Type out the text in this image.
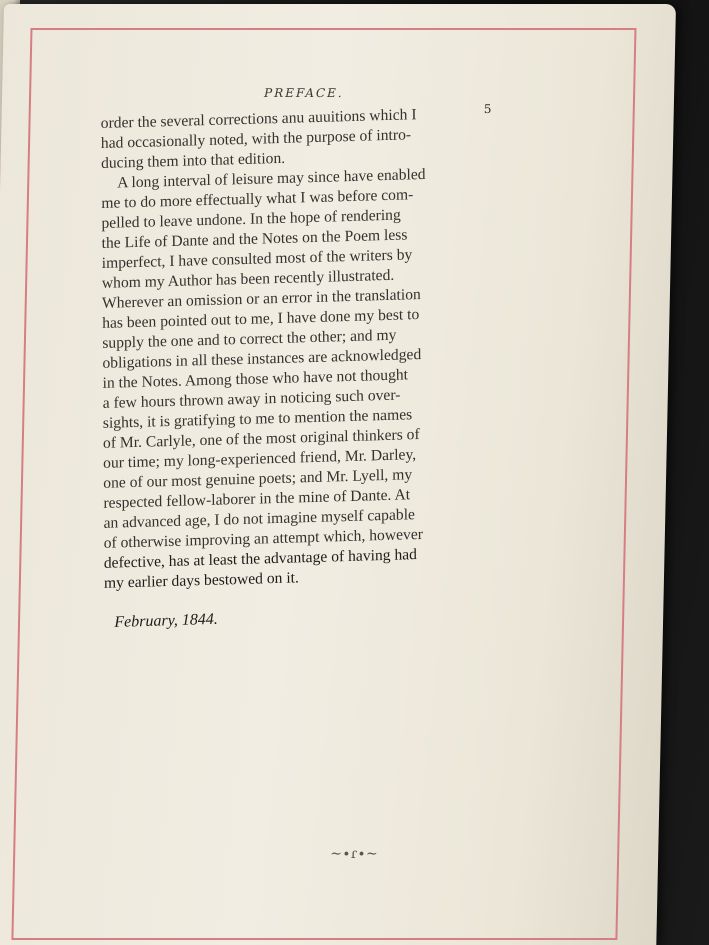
PREFACE.
5
order the several corrections anu auuitions which I
had occasionally noted, with the purpose of intro-
ducing them into that edition.
A long interval of leisure may since have enabled
me to do more effectually what I was before com-
pelled to leave undone. In the hope of rendering
the Life of Dante and the Notes on the Poem less
imperfect, I have consulted most of the writers by
whom my Author has been recently illustrated.
Wherever an omission or an error in the translation
has been pointed out to me, I have done my best to
supply the one and to correct the other; and my
obligations in all these instances are acknowledged
in the Notes. Among those who have not thought
a few hours thrown away in noticing such over-
sights, it is gratifying to me to mention the names
of Mr. Carlyle, one of the most original thinkers of
our time; my long-experienced friend, Mr. Darley,
one of our most genuine poets; and Mr. Lyell, my
respected fellow-laborer in the mine of Dante. At
an advanced age, I do not imagine myself capable
of otherwise improving an attempt which, however
defective, has at least the advantage of having had
my earlier days bestowed on it.
February, 1844.
~∙ɾ∙~
